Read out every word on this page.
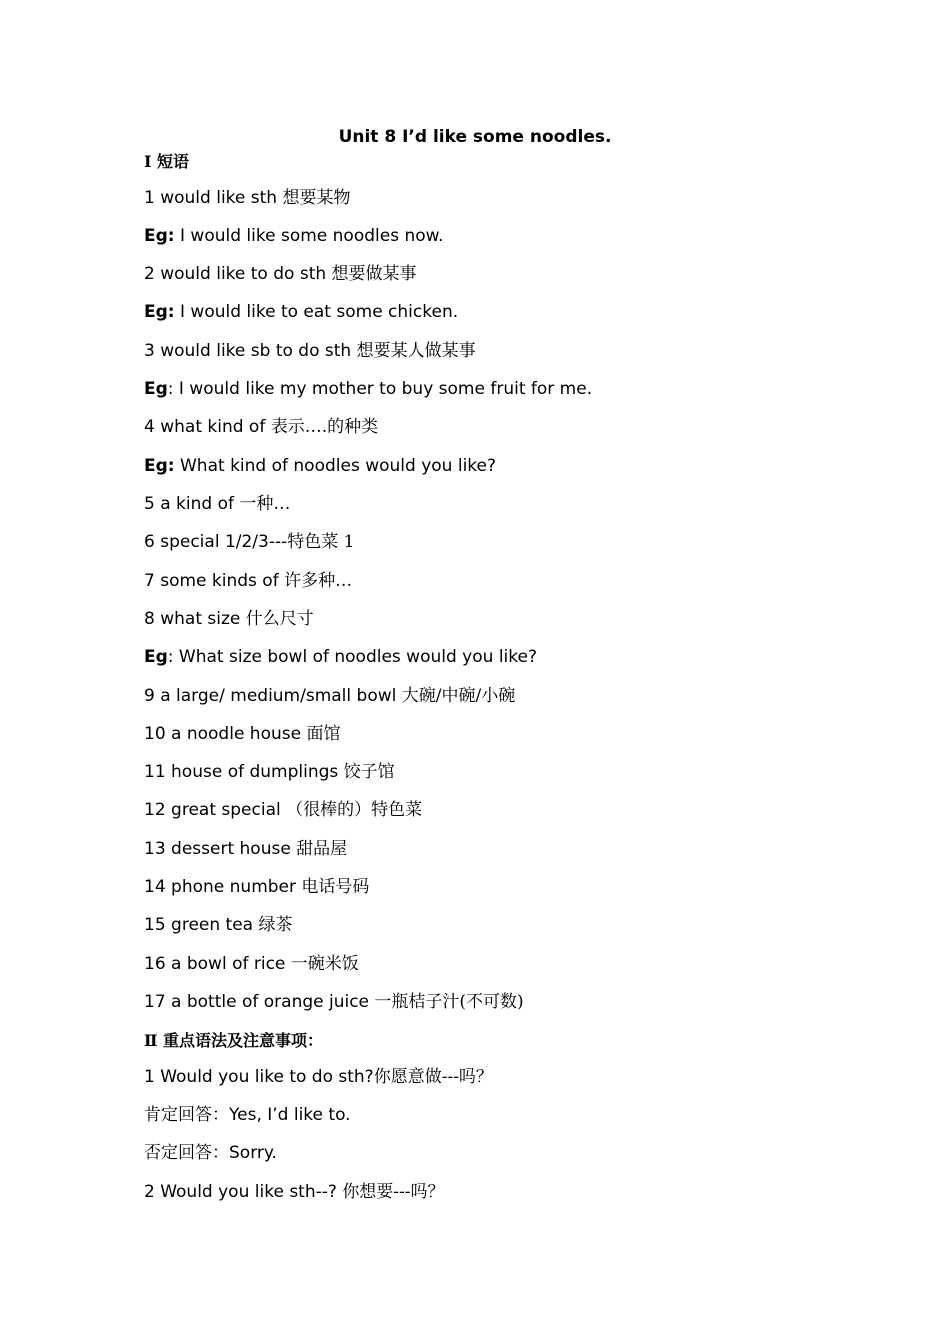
Unit 8 I’d like some noodles.
Ⅰ 短语
1 would like sth 想要某物
Eg: I would like some noodles now.
2 would like to do sth 想要做某事
Eg: I would like to eat some chicken.
3 would like sb to do sth 想要某人做某事
Eg: I would like my mother to buy some fruit for me.
4 what kind of 表示….的种类
Eg: What kind of noodles would you like?
5 a kind of 一种…
6 special 1/2/3---特色菜 1
7 some kinds of 许多种…
8 what size 什么尺寸
Eg: What size bowl of noodles would you like?
9 a large/ medium/small bowl 大碗/中碗/小碗
10 a noodle house 面馆
11 house of dumplings 饺子馆
12 great special （很棒的）特色菜
13 dessert house 甜品屋
14 phone number 电话号码
15 green tea 绿茶
16 a bowl of rice 一碗米饭
17 a bottle of orange juice 一瓶桔子汁(不可数)
Ⅱ 重点语法及注意事项：
1 Would you like to do sth?你愿意做---吗？
肯定回答：Yes, I’d like to.
否定回答：Sorry.
2 Would you like sth--? 你想要---吗？
